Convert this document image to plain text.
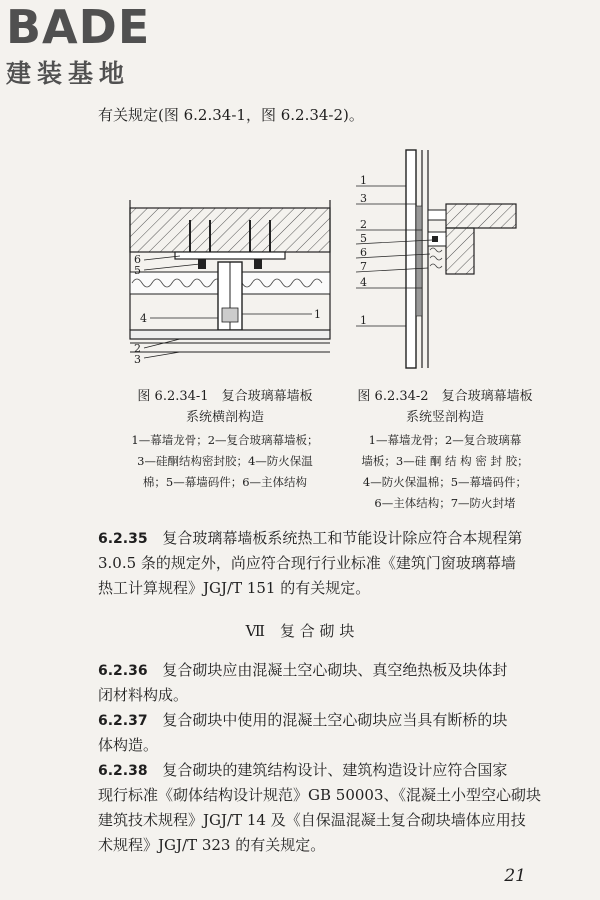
BADE
建装基地
有关规定(图 6.2.34-1，图 6.2.34-2)。
6
5
4	1
2
3
1
3
2
5
6
7
4
1
图 6.2.34-1　复合玻璃幕墙板
系统横剖构造
1—幕墙龙骨；2—复合玻璃幕墙板；
3—硅酮结构密封胶；4—防火保温
棉；5—幕墙码件；6—主体结构
图 6.2.34-2　复合玻璃幕墙板
系统竖剖构造
1—幕墙龙骨；2—复合玻璃幕
墙板；3—硅 酮 结 构 密 封 胶；
4—防火保温棉；5—幕墙码件；
6—主体结构；7—防火封堵
6.2.35 复合玻璃幕墙板系统热工和节能设计除应符合本规程第
3.0.5 条的规定外，尚应符合现行行业标准《建筑门窗玻璃幕墙
热工计算规程》JGJ/T 151 的有关规定。
Ⅶ　复 合 砌 块
6.2.36 复合砌块应由混凝土空心砌块、真空绝热板及块体封
闭材料构成。
6.2.37 复合砌块中使用的混凝土空心砌块应当具有断桥的块
体构造。
6.2.38 复合砌块的建筑结构设计、建筑构造设计应符合国家
现行标准《砌体结构设计规范》GB 50003、《混凝土小型空心砌块
建筑技术规程》JGJ/T 14 及《自保温混凝土复合砌块墙体应用技
术规程》JGJ/T 323 的有关规定。
21
